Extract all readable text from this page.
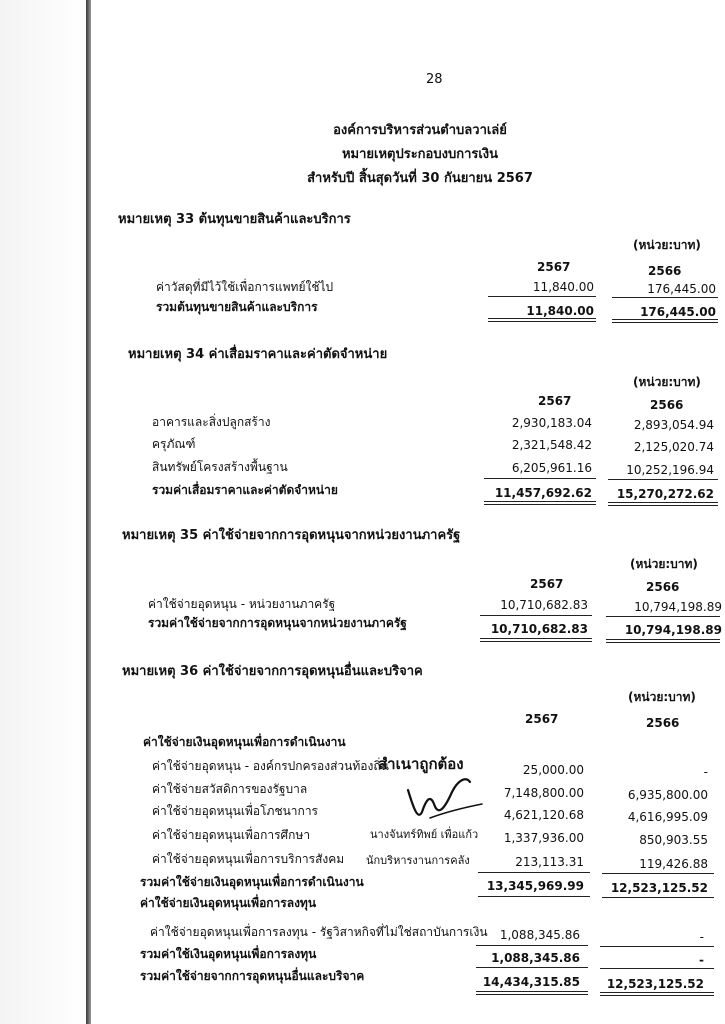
28
องค์การบริหารส่วนตำบลวาเล่ย์
หมายเหตุประกอบงบการเงิน
สำหรับปี สิ้นสุดวันที่ 30 กันยายน 2567
หมายเหตุ 33 ต้นทุนขายสินค้าและบริการ
(หน่วย:บาท)
2567	2566
ค่าวัสดุที่มีไว้ใช้เพื่อการแพทย์ใช้ไป	11,840.00	176,445.00
รวมต้นทุนขายสินค้าและบริการ	11,840.00	176,445.00
หมายเหตุ 34 ค่าเสื่อมราคาและค่าตัดจำหน่าย
(หน่วย:บาท)
2567	2566
อาคารและสิ่งปลูกสร้าง	2,930,183.04	2,893,054.94
ครุภัณฑ์	2,321,548.42	2,125,020.74
สินทรัพย์โครงสร้างพื้นฐาน	6,205,961.16	10,252,196.94
รวมค่าเสื่อมราคาและค่าตัดจำหน่าย	11,457,692.62	15,270,272.62
หมายเหตุ 35 ค่าใช้จ่ายจากการอุดหนุนจากหน่วยงานภาครัฐ
(หน่วย:บาท)
2567	2566
ค่าใช้จ่ายอุดหนุน - หน่วยงานภาครัฐ	10,710,682.83	10,794,198.89
รวมค่าใช้จ่ายจากการอุดหนุนจากหน่วยงานภาครัฐ	10,710,682.83	10,794,198.89
หมายเหตุ 36 ค่าใช้จ่ายจากการอุดหนุนอื่นและบริจาค
(หน่วย:บาท)
2567	2566
ค่าใช้จ่ายเงินอุดหนุนเพื่อการดำเนินงาน
ค่าใช้จ่ายอุดหนุน - องค์กรปกครองส่วนท้องถิ่น	25,000.00	-
ค่าใช้จ่ายสวัสดิการของรัฐบาล	7,148,800.00	6,935,800.00
ค่าใช้จ่ายอุดหนุนเพื่อโภชนาการ	4,621,120.68	4,616,995.09
ค่าใช้จ่ายอุดหนุนเพื่อการศึกษา	1,337,936.00	850,903.55
ค่าใช้จ่ายอุดหนุนเพื่อการบริการสังคม	213,113.31	119,426.88
รวมค่าใช้จ่ายเงินอุดหนุนเพื่อการดำเนินงาน	13,345,969.99	12,523,125.52
ค่าใช้จ่ายเงินอุดหนุนเพื่อการลงทุน
ค่าใช้จ่ายอุดหนุนเพื่อการลงทุน - รัฐวิสาหกิจที่ไม่ใช่สถาบันการเงิน	1,088,345.86	-
รวมค่าใช้เงินอุดหนุนเพื่อการลงทุน	1,088,345.86	-
รวมค่าใช้จ่ายจากการอุดหนุนอื่นและบริจาค	14,434,315.85	12,523,125.52
สำเนาถูกต้อง
นางจันทร์ทิพย์ เพื่อแก้ว
นักบริหารงานการคลัง
